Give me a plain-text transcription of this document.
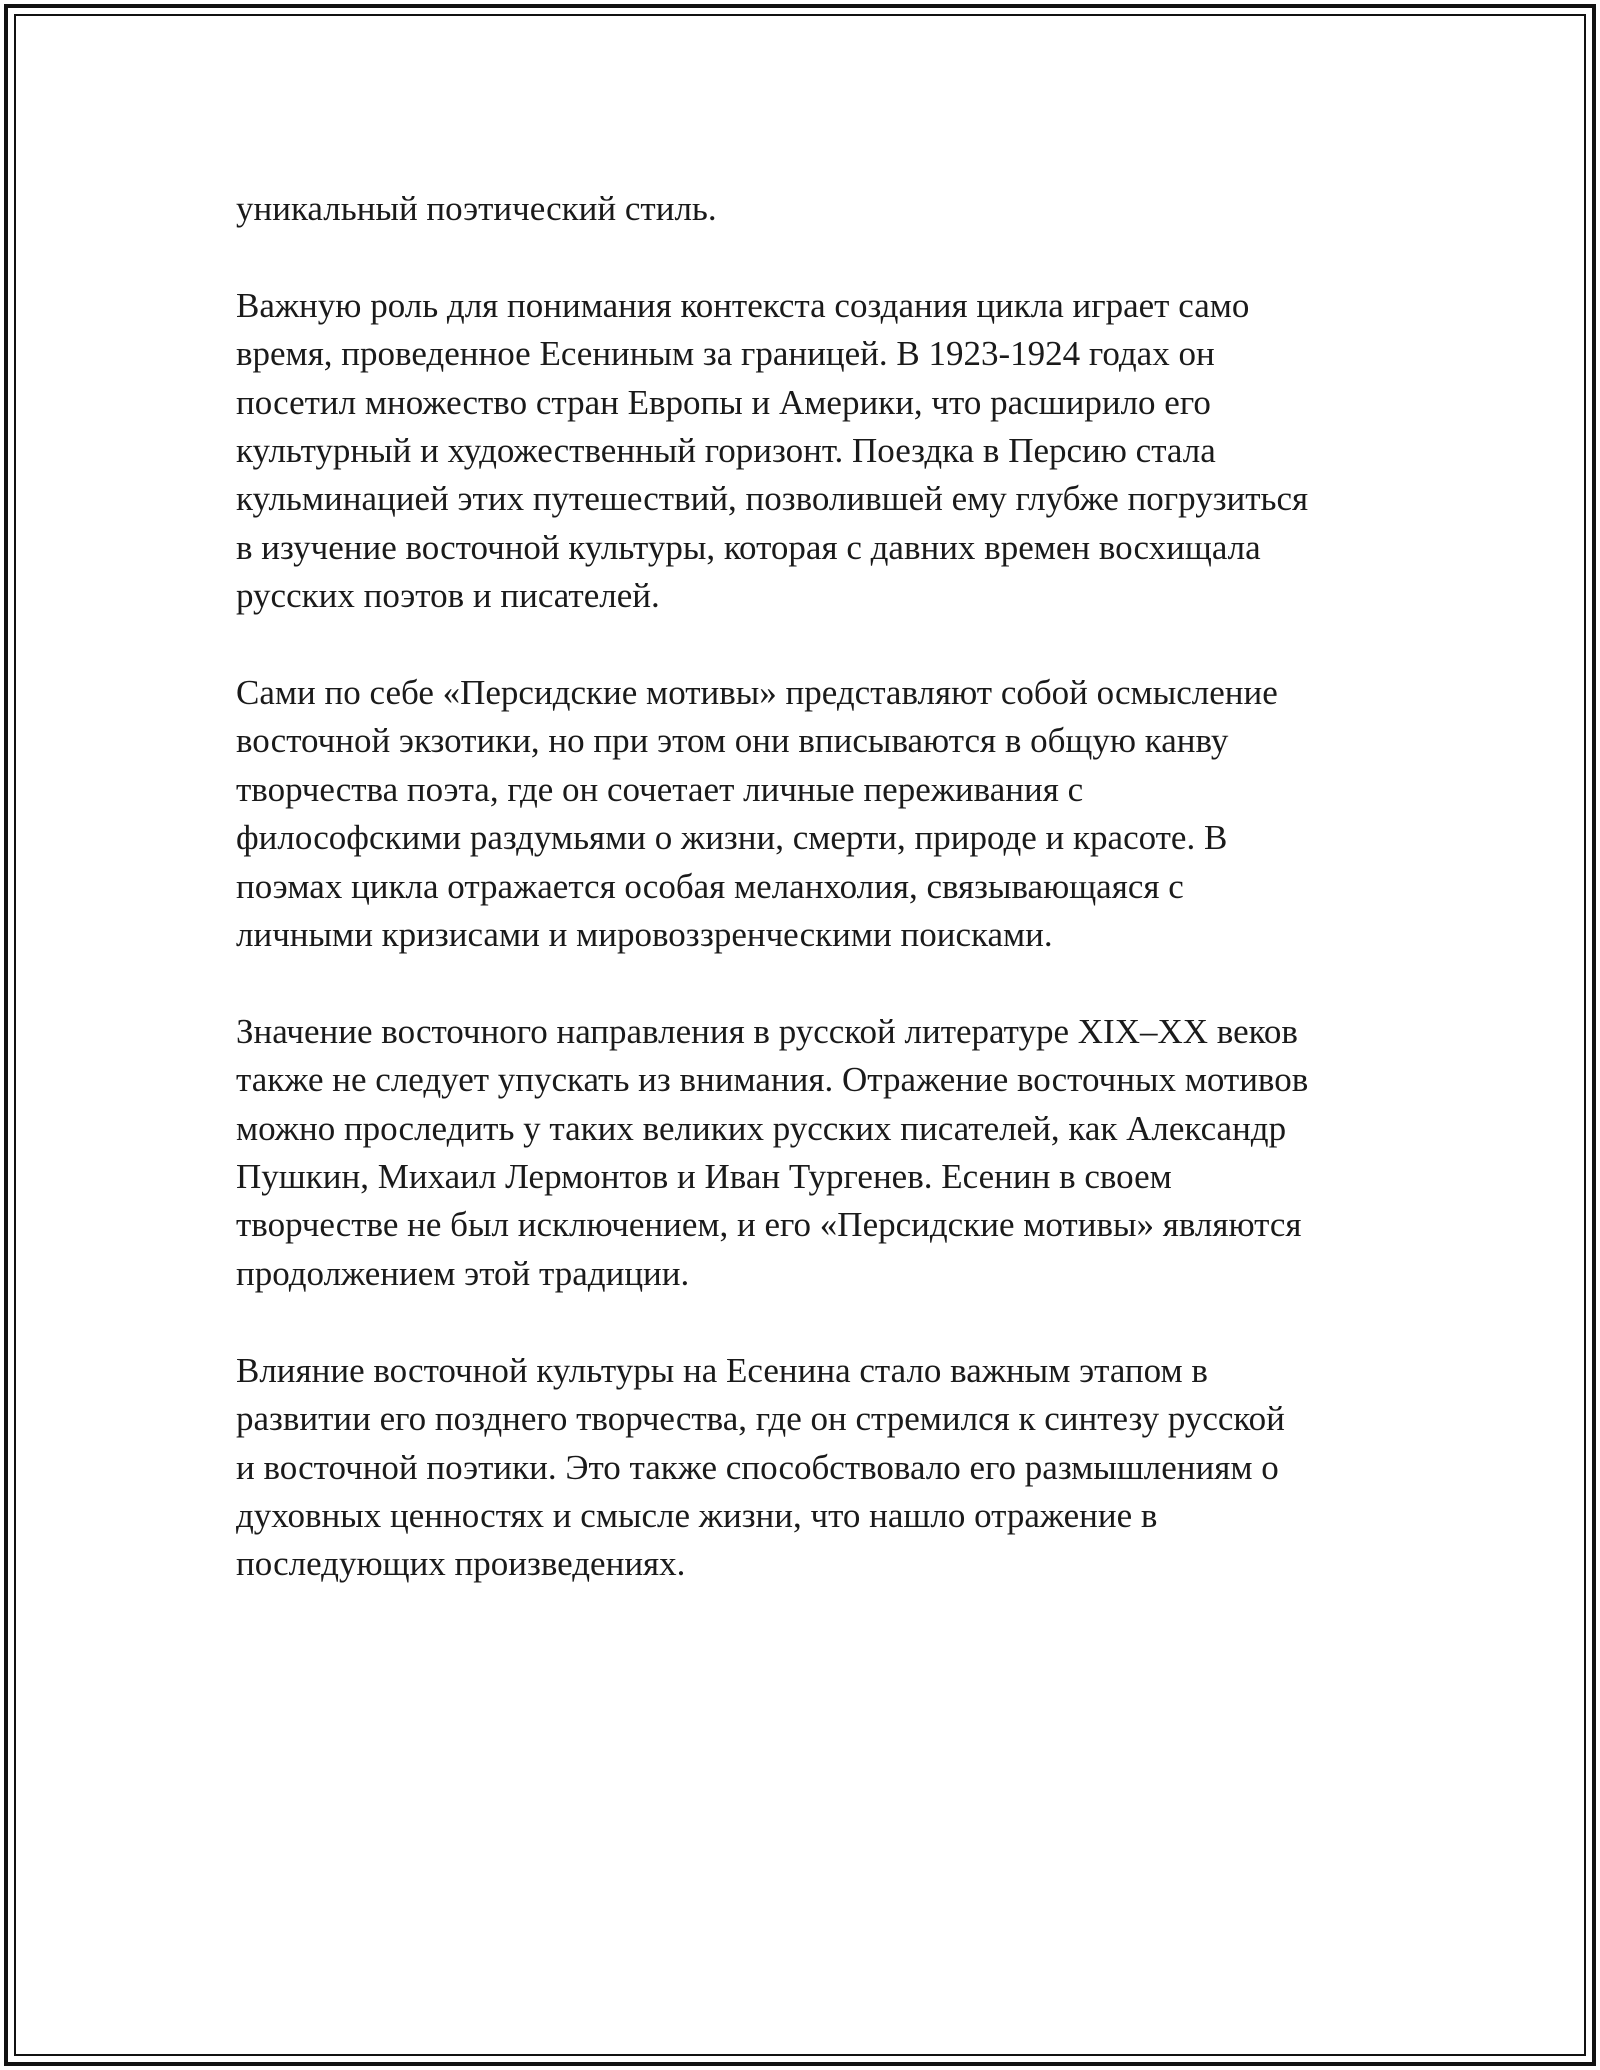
уникальный поэтический стиль.

Важную роль для понимания контекста создания цикла играет само
время, проведенное Есениным за границей. В 1923-1924 годах он
посетил множество стран Европы и Америки, что расширило его
культурный и художественный горизонт. Поездка в Персию стала
кульминацией этих путешествий, позволившей ему глубже погрузиться
в изучение восточной культуры, которая с давних времен восхищала
русских поэтов и писателей.

Сами по себе «Персидские мотивы» представляют собой осмысление
восточной экзотики, но при этом они вписываются в общую канву
творчества поэта, где он сочетает личные переживания с
философскими раздумьями о жизни, смерти, природе и красоте. В
поэмах цикла отражается особая меланхолия, связывающаяся с
личными кризисами и мировоззренческими поисками.

Значение восточного направления в русской литературе XIX–XX веков
также не следует упускать из внимания. Отражение восточных мотивов
можно проследить у таких великих русских писателей, как Александр
Пушкин, Михаил Лермонтов и Иван Тургенев. Есенин в своем
творчестве не был исключением, и его «Персидские мотивы» являются
продолжением этой традиции.

Влияние восточной культуры на Есенина стало важным этапом в
развитии его позднего творчества, где он стремился к синтезу русской
и восточной поэтики. Это также способствовало его размышлениям о
духовных ценностях и смысле жизни, что нашло отражение в
последующих произведениях.
